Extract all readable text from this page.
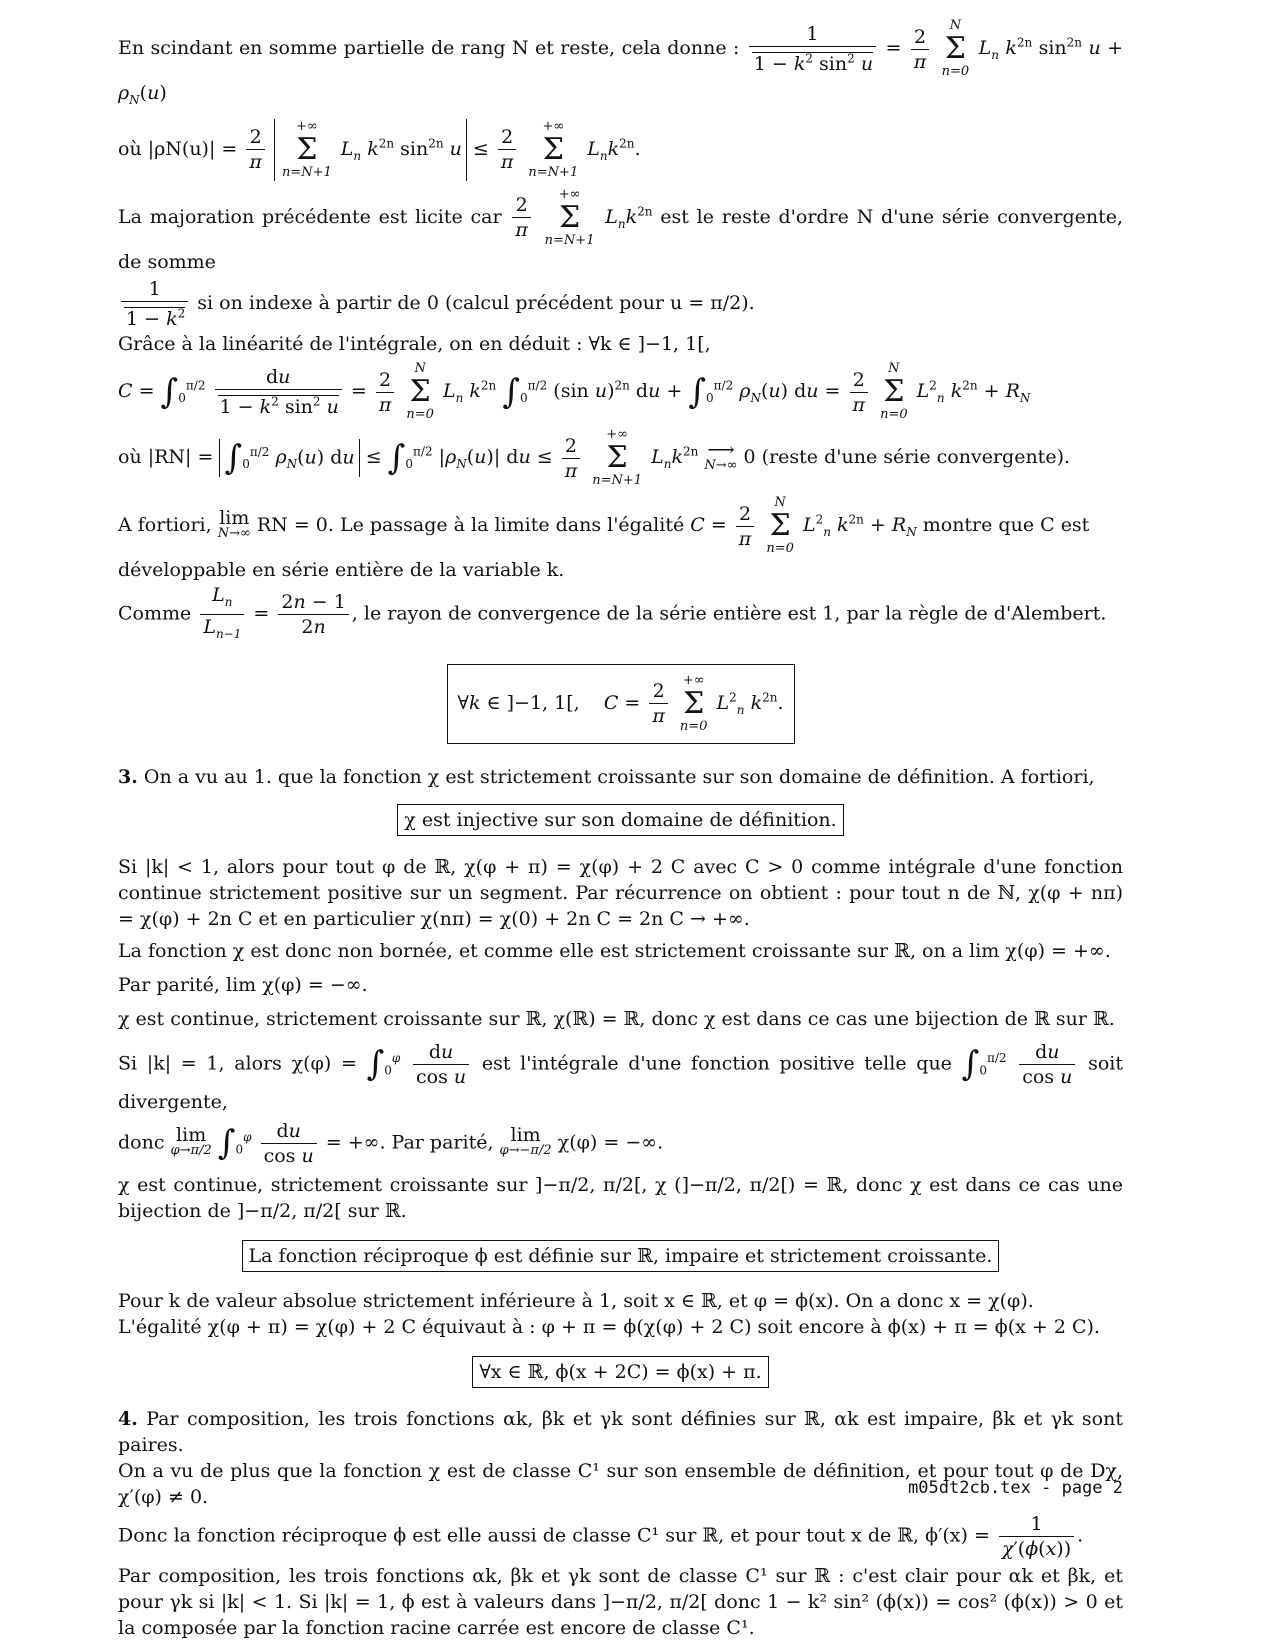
En scindant en somme partielle de rang N et reste, cela donne : $\frac{1}{1 - k^2 \sin^2 u} = \frac{2}{\pi}$
	N
Σ
n=0
$L_n$ $k^{2n}$ $\sin^{2n} u + \rho_N(u)$

où $|\rho N(u)| = \frac{2}{\pi}$
	+∞
Σ
n=N+1
$L_n$ $k^{2n}$ $\sin^{2n} u \le \frac{2}{\pi}$
	+∞
Σ
n=N+1
$L_nk^{2n}$.

La majoration précédente est licite car $\frac{2}{\pi}$
	+∞
Σ
n=N+1
$L_nk^{2n}$ est le reste d'ordre N d'une série convergente, de somme

$\frac{1}{1 - k^2}$ si on indexe à partir de 0 (calcul précédent pour u = π/2).

Grâce à la linéarité de l'intégrale, on en déduit : ∀k ∈ ]−1, 1[,

$C = \int_0^{\pi/2} \frac{du}{1 - k^2 \sin^2 u} = \frac{2}{\pi}$
	N
Σ
n=0
$L_n$ $k^{2n}$ $\int_0^{\pi/2}$ (sin u)$^{2n}$ du + $\int_0^{\pi/2}$ $\rho_N(u)$ du = $\frac{2}{\pi}$
	N
Σ
n=0
$L^2_n$ $k^{2n} + R_N$

où $|RN| = \int_0^{\pi/2}$ $\rho_N(u)$ du ≤ $\int_0^{\pi/2}$ $|\rho_N(u)|$ du ≤ $\frac{2}{\pi}$
	+∞
Σ
n=N+1
$L_nk^{2n}$ ⟶
N→∞ 0 (reste d'une série convergente).

A fortiori, lim
N→∞ RN = 0. Le passage à la limite dans l'égalité $C = \frac{2}{\pi}$
	N
Σ
n=0
$L^2_n$ $k^{2n} + R_N$ montre que C est

développable en série entière de la variable k.

Comme $\frac{L_n}{L_{n-1}} = \frac{2n - 1}{2n}$ , le rayon de convergence de la série entière est 1, par la règle de d'Alembert.

∀k ∈ ]−1, 1[,    $C = \frac{2}{\pi}$
+∞
Σ
n=0
$L^2_n$ $k^{2n}$.

3. On a vu au 1. que la fonction χ est strictement croissante sur son domaine de définition. A fortiori,

χ est injective sur son domaine de définition.

Si |k| < 1, alors pour tout φ de ℝ, χ(φ + π) = χ(φ) + 2 C avec C > 0 comme intégrale d'une fonction continue strictement positive sur un segment. Par récurrence on obtient : pour tout n de ℕ, χ(φ + nπ) = χ(φ) + 2n C et en particulier χ(nπ) = χ(0) + 2n C = 2n C → +∞.

La fonction χ est donc non bornée, et comme elle est strictement croissante sur ℝ, on a lim χ(φ) = +∞.

Par parité, lim χ(φ) = −∞.

χ est continue, strictement croissante sur ℝ, χ(ℝ) = ℝ, donc χ est dans ce cas une bijection de ℝ sur ℝ.

Si |k| = 1, alors $\chi(\varphi) = \int_0^\varphi \frac{du}{\text{cos u}}$ est l'intégrale d'une fonction positive telle que $\int_0^{\pi/2} \frac{du}{\text{cos u}}$ soit divergente,

donc lim
φ→π/2 $\int_0^\varphi \frac{du}{\text{cos u}}$ = +∞. Par parité, lim
φ→−π/2 χ(φ) = −∞.

χ est continue, strictement croissante sur ]−π/2, π/2[, χ (]−π/2, π/2[) = ℝ, donc χ est dans ce cas une bijection de ]−π/2, π/2[ sur ℝ.

La fonction réciproque ϕ est définie sur ℝ, impaire et strictement croissante.

Pour k de valeur absolue strictement inférieure à 1, soit x ∈ ℝ, et φ = ϕ(x). On a donc x = χ(φ).

L'égalité χ(φ + π) = χ(φ) + 2 C équivaut à : φ + π = ϕ(χ(φ) + 2 C) soit encore à ϕ(x) + π = ϕ(x + 2 C).

∀x ∈ ℝ, ϕ(x + 2C) = ϕ(x) + π.

4. Par composition, les trois fonctions αk, βk et γk sont définies sur ℝ, αk est impaire, βk et γk sont paires.

On a vu de plus que la fonction χ est de classe C¹ sur son ensemble de définition, et pour tout φ de Dχ, χ′(φ) ≠ 0.

Donc la fonction réciproque ϕ est elle aussi de classe C¹ sur ℝ, et pour tout x de ℝ, $\phi'(x) = \frac{1}{\chi'(\phi(x))}$ .

Par composition, les trois fonctions αk, βk et γk sont de classe C¹ sur ℝ : c'est clair pour αk et βk, et pour γk si |k| < 1. Si |k| = 1, ϕ est à valeurs dans ]−π/2, π/2[ donc 1 − k² sin² (ϕ(x)) = cos² (ϕ(x)) > 0 et la composée par la fonction racine carrée est encore de classe C¹.

m05dt2cb.tex - page 2
